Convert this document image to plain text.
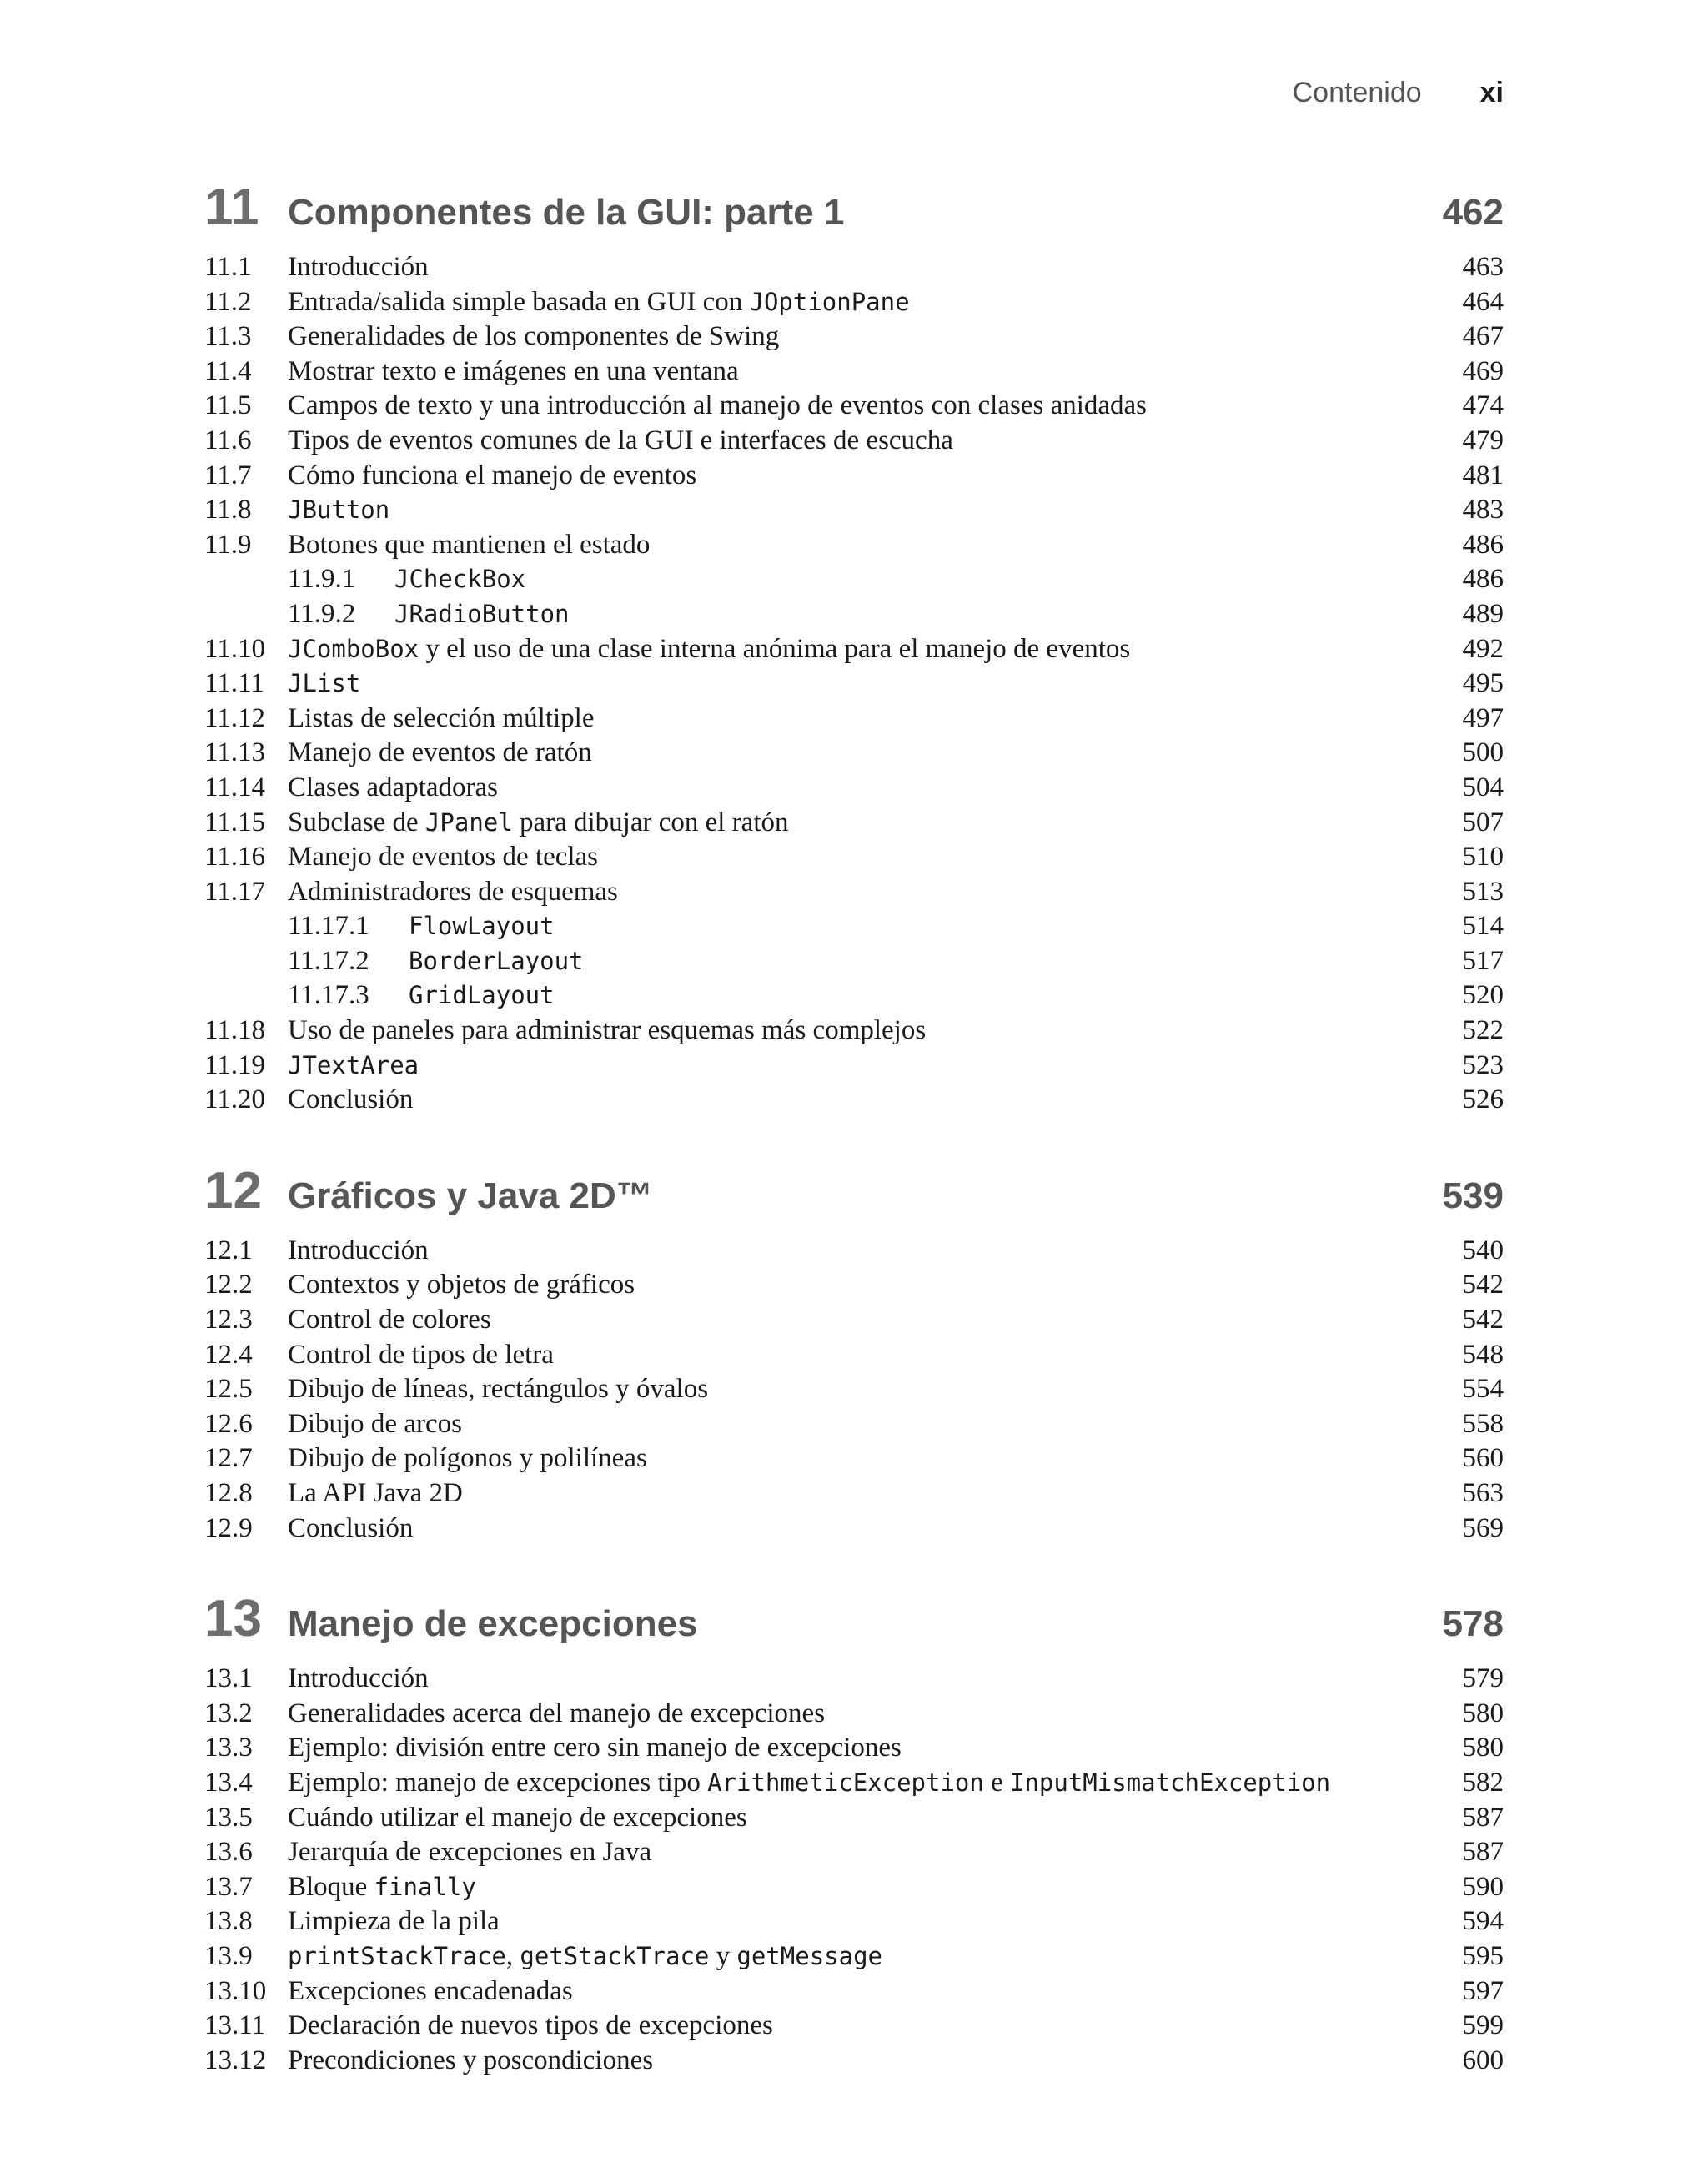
Contenido xi
11 Componentes de la GUI: parte 1	462
11.1	Introducción	463
11.2	Entrada/salida simple basada en GUI con JOptionPane	464
11.3	Generalidades de los componentes de Swing	467
11.4	Mostrar texto e imágenes en una ventana	469
11.5	Campos de texto y una introducción al manejo de eventos con clases anidadas	474
11.6	Tipos de eventos comunes de la GUI e interfaces de escucha	479
11.7	Cómo funciona el manejo de eventos	481
11.8	JButton	483
11.9	Botones que mantienen el estado	486
11.9.1	JCheckBox	486
11.9.2	JRadioButton	489
11.10 JComboBox y el uso de una clase interna anónima para el manejo de eventos	492
11.11 JList	495
11.12 Listas de selección múltiple	497
11.13 Manejo de eventos de ratón	500
11.14 Clases adaptadoras	504
11.15 Subclase de JPanel para dibujar con el ratón	507
11.16 Manejo de eventos de teclas	510
11.17 Administradores de esquemas	513
11.17.1	FlowLayout	514
11.17.2	BorderLayout	517
11.17.3	GridLayout	520
11.18 Uso de paneles para administrar esquemas más complejos	522
11.19 JTextArea	523
11.20 Conclusión	526
12 Gráficos y Java 2D™	539
12.1	Introducción	540
12.2	Contextos y objetos de gráficos	542
12.3	Control de colores	542
12.4	Control de tipos de letra	548
12.5	Dibujo de líneas, rectángulos y óvalos	554
12.6	Dibujo de arcos	558
12.7	Dibujo de polígonos y polilíneas	560
12.8	La API Java 2D	563
12.9	Conclusión	569
13 Manejo de excepciones	578
13.1	Introducción	579
13.2	Generalidades acerca del manejo de excepciones	580
13.3	Ejemplo: división entre cero sin manejo de excepciones	580
13.4	Ejemplo: manejo de excepciones tipo ArithmeticException e InputMismatchException	582
13.5	Cuándo utilizar el manejo de excepciones	587
13.6	Jerarquía de excepciones en Java	587
13.7	Bloque finally	590
13.8	Limpieza de la pila	594
13.9	printStackTrace, getStackTrace y getMessage	595
13.10 Excepciones encadenadas	597
13.11 Declaración de nuevos tipos de excepciones	599
13.12 Precondiciones y poscondiciones	600
